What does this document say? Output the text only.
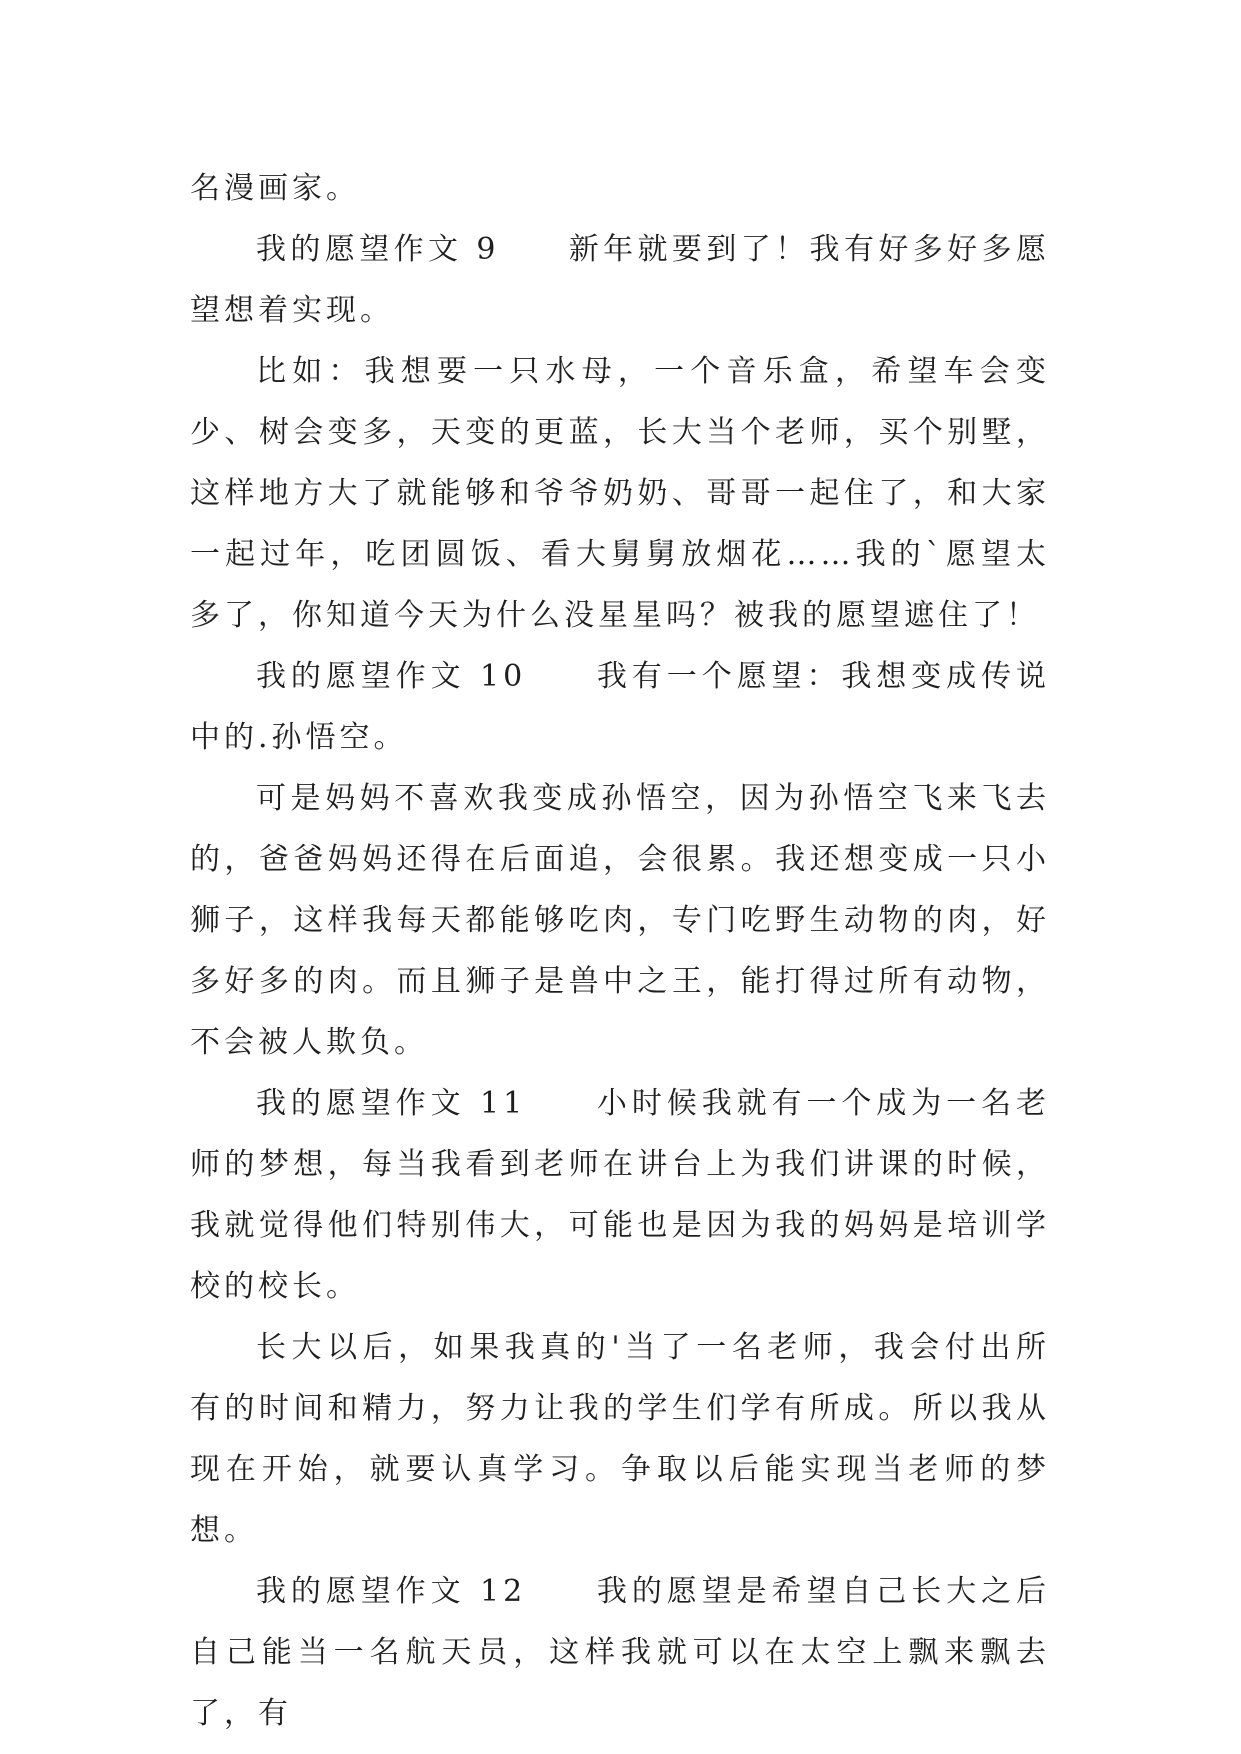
名漫画家。

我的愿望作文 9　　新年就要到了！我有好多好多愿望想着实现。

比如：我想要一只水母，一个音乐盒，希望车会变少、树会变多，天变的更蓝，长大当个老师，买个别墅，这样地方大了就能够和爷爷奶奶、哥哥一起住了，和大家一起过年，吃团圆饭、看大舅舅放烟花……我的`愿望太多了，你知道今天为什么没星星吗？被我的愿望遮住了！

我的愿望作文 10　　我有一个愿望：我想变成传说中的.孙悟空。

可是妈妈不喜欢我变成孙悟空，因为孙悟空飞来飞去的，爸爸妈妈还得在后面追，会很累。我还想变成一只小狮子，这样我每天都能够吃肉，专门吃野生动物的肉，好多好多的肉。而且狮子是兽中之王，能打得过所有动物，不会被人欺负。

我的愿望作文 11　　小时候我就有一个成为一名老师的梦想，每当我看到老师在讲台上为我们讲课的时候，我就觉得他们特别伟大，可能也是因为我的妈妈是培训学校的校长。

长大以后，如果我真的'当了一名老师，我会付出所有的时间和精力，努力让我的学生们学有所成。所以我从现在开始，就要认真学习。争取以后能实现当老师的梦想。

我的愿望作文 12　　我的愿望是希望自己长大之后自己能当一名航天员，这样我就可以在太空上飘来飘去了，有
